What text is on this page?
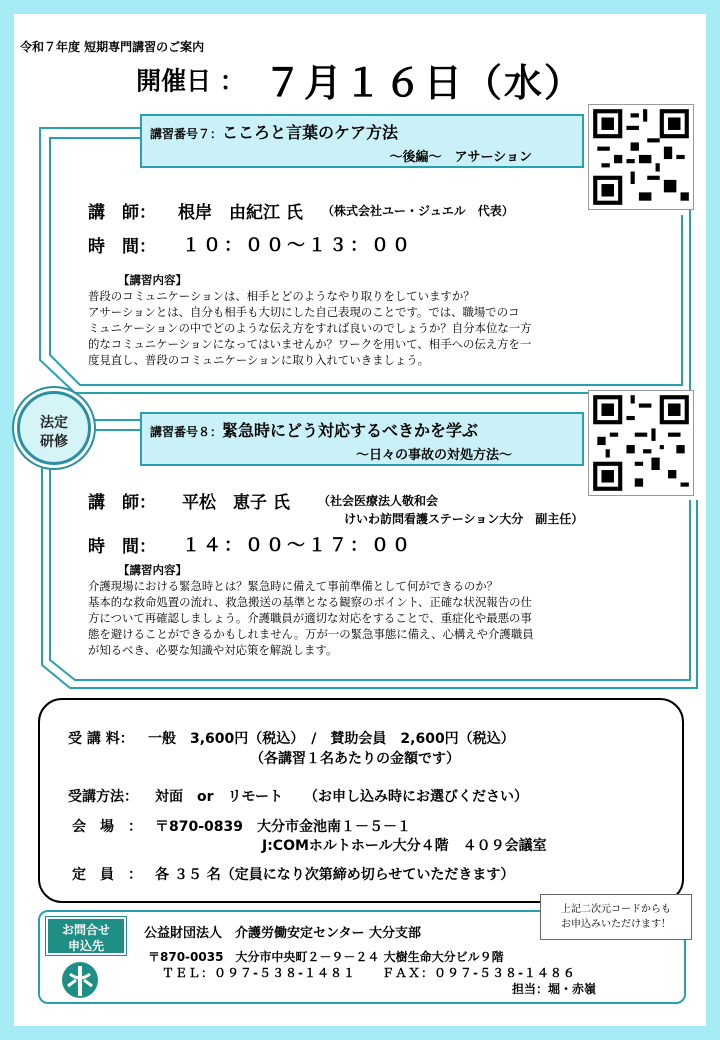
令和７年度 短期専門講習のご案内
開催日 ： ７月１６日（水）
講習番号７：こころと言葉のケア方法
～後編～　アサーション
講　師： 根岸　由紀江 氏 （株式会社ユー・ジュエル　代表）
時　間： １０：００～１３：００
【講習内容】
普段のコミュニケーションは、相手とどのようなやり取りをしていますか？
アサーションとは、自分も相手も大切にした自己表現のことです。では、職場でのコ
ミュニケーションの中でどのような伝え方をすれば良いのでしょうか？自分本位な一方
的なコミュニケーションになってはいませんか？ワークを用いて、相手への伝え方を一
度見直し、普段のコミュニケーションに取り入れていきましょう。
法定
研修
講習番号８：緊急時にどう対応するべきかを学ぶ
～日々の事故の対処方法～
講　師： 平松　恵子 氏 （社会医療法人敬和会
けいわ訪問看護ステーション大分　副主任）
時　間： １４：００～１７：００
【講習内容】
介護現場における緊急時とは？緊急時に備えて事前準備として何ができるのか？
基本的な救命処置の流れ、救急搬送の基準となる観察のポイント、正確な状況報告の仕
方について再確認しましょう。介護職員が適切な対応をすることで、重症化や最悪の事
態を避けることができるかもしれません。万が一の緊急事態に備え、心構えや介護職員
が知るべき、必要な知識や対応策を解説します。
受 講 料： 一般　3,600円（税込）　/　賛助会員　2,600円（税込）
（各講習１名あたりの金額です）
受講方法： 対面　or　リモート　　（お申し込み時にお選びください）
会　場　： 〒870-0839　大分市金池南１－５－１
J:COMホルトホール大分４階　４０９会議室
定　員　： 各 ３５ 名（定員になり次第締め切らせていただきます）
上記二次元コードからも
お申込みいただけます！
お問合せ
申込先
公益財団法人　介護労働安定センター 大分支部
〒870-0035　大分市中央町２－９－２４ 大樹生命大分ビル９階
ＴＥＬ：０９７-５３８-１４８１　　ＦＡＸ：０９７-５３８-１４８６
担当：堀・赤嶺
